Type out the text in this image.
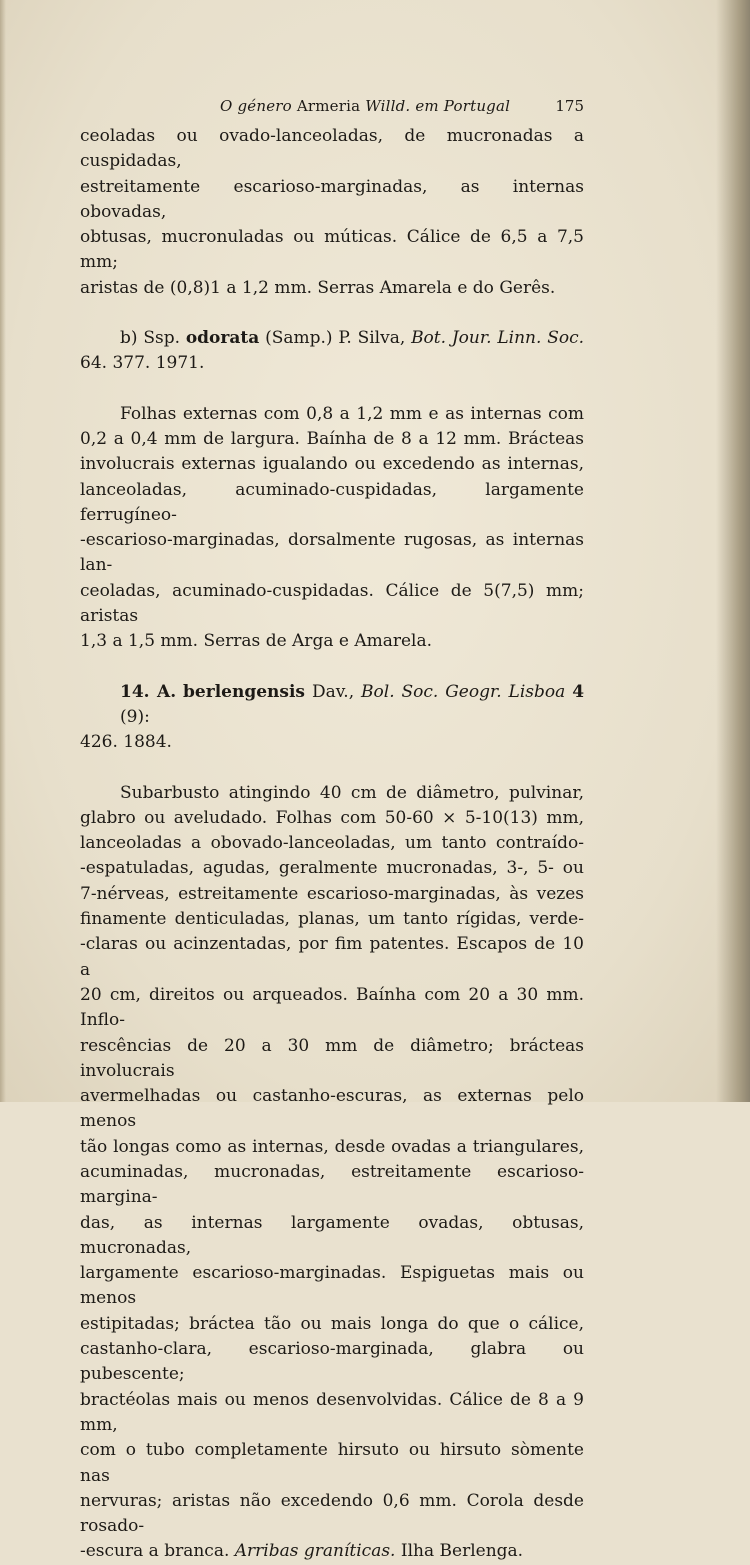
O género Armeria Willd. em Portugal	175
ceoladas ou ovado-lanceoladas, de mucronadas a cuspidadas,
estreitamente escarioso-marginadas, as internas obovadas,
obtusas, mucronuladas ou múticas. Cálice de 6,5 a 7,5 mm;
aristas de (0,8)1 a 1,2 mm. Serras Amarela e do Gerês.
b) Ssp. odorata (Samp.) P. Silva, Bot. Jour. Linn. Soc.
64. 377. 1971.
Folhas externas com 0,8 a 1,2 mm e as internas com
0,2 a 0,4 mm de largura. Baínha de 8 a 12 mm. Brácteas
involucrais externas igualando ou excedendo as internas,
lanceoladas, acuminado-cuspidadas, largamente ferrugíneo-
-escarioso-marginadas, dorsalmente rugosas, as internas lan-
ceoladas, acuminado-cuspidadas. Cálice de 5(7,5) mm; aristas
1,3 a 1,5 mm. Serras de Arga e Amarela.
14. A. berlengensis Dav., Bol. Soc. Geogr. Lisboa 4 (9):
426. 1884.
Subarbusto atingindo 40 cm de diâmetro, pulvinar,
glabro ou aveludado. Folhas com 50-60 × 5-10(13) mm,
lanceoladas a obovado-lanceoladas, um tanto contraído-
-espatuladas, agudas, geralmente mucronadas, 3-, 5- ou
7-nérveas, estreitamente escarioso-marginadas, às vezes
finamente denticuladas, planas, um tanto rígidas, verde-
-claras ou acinzentadas, por fim patentes. Escapos de 10 a
20 cm, direitos ou arqueados. Baínha com 20 a 30 mm. Inflo-
rescências de 20 a 30 mm de diâmetro; brácteas involucrais
avermelhadas ou castanho-escuras, as externas pelo menos
tão longas como as internas, desde ovadas a triangulares,
acuminadas, mucronadas, estreitamente escarioso-margina-
das, as internas largamente ovadas, obtusas, mucronadas,
largamente escarioso-marginadas. Espiguetas mais ou menos
estipitadas; bráctea tão ou mais longa do que o cálice,
castanho-clara, escarioso-marginada, glabra ou pubescente;
bractéolas mais ou menos desenvolvidas. Cálice de 8 a 9 mm,
com o tubo completamente hirsuto ou hirsuto sòmente nas
nervuras; aristas não excedendo 0,6 mm. Corola desde rosado-
-escura a branca. Arribas graníticas. Ilha Berlenga.
